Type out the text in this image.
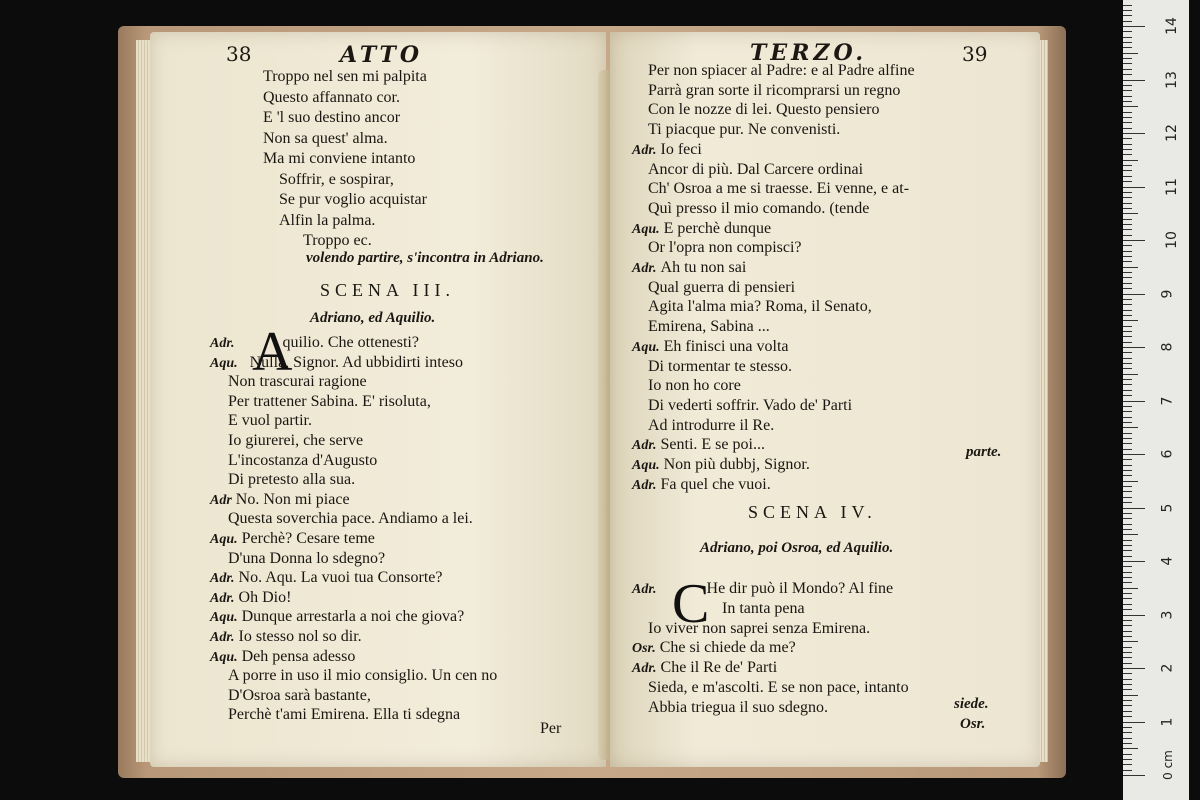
38	ATTO
Troppo nel sen mi palpita
Questo affannato cor.
E 'l suo destino ancor
Non sa quest' alma.
Ma mi conviene intanto
Soffrir, e sospirar,
Se pur voglio acquistar
Alfin la palma.
Troppo ec.
volendo partire, s'incontra in Adriano.
SCENA III.
Adriano, ed Aquilio.
A
Adr.	quilio. Che ottenesti?
Aqu. Nulla, Signor. Ad ubbidirti inteso
Non trascurai ragione
Per trattener Sabina. E' risoluta,
E vuol partir.
Io giurerei, che serve
L'incostanza d'Augusto
Di pretesto alla sua.
Adr No. Non mi piace
Questa soverchia pace. Andiamo a lei.
Aqu. Perchè? Cesare teme
D'una Donna lo sdegno?
Adr. No. Aqu. La vuoi tua Consorte?
Adr. Oh Dio!
Aqu. Dunque arrestarla a noi che giova?
Adr. Io stesso nol so dir.
Aqu. Deh pensa adesso
A porre in uso il mio consiglio. Un cen no
D'Osroa sarà bastante,
Perchè t'ami Emirena. Ella ti sdegna
Per
TERZO.	39
Per non spiacer al Padre: e al Padre alfine
Parrà gran sorte il ricomprarsi un regno
Con le nozze di lei. Questo pensiero
Ti piacque pur. Ne convenisti.
Adr. Io feci
Ancor di più. Dal Carcere ordinai
Ch' Osroa a me si traesse. Ei venne, e at-
Quì presso il mio comando. (tende
Aqu. E perchè dunque
Or l'opra non compisci?
Adr. Ah tu non sai
Qual guerra di pensieri
Agita l'alma mia? Roma, il Senato,
Emirena, Sabina ...
Aqu. Eh finisci una volta
Di tormentar te stesso.
Io non ho core
Di vederti soffrir. Vado de' Parti
Ad introdurre il Re.
Adr. Senti. E se poi...
Aqu. Non più dubbj, Signor.
Adr. Fa quel che vuoi.
parte.
SCENA IV.
Adriano, poi Osroa, ed Aquilio.
C
Adr.	He dir può il Mondo? Al fine
In tanta pena
Io viver non saprei senza Emirena.
Osr. Che si chiede da me?
Adr. Che il Re de' Parti
Sieda, e m'ascolti. E se non pace, intanto
Abbia triegua il suo sdegno.	siede.
Osr.
0 cm
1
2
3
4
5
6
7
8
9
10
11
12
13
14
